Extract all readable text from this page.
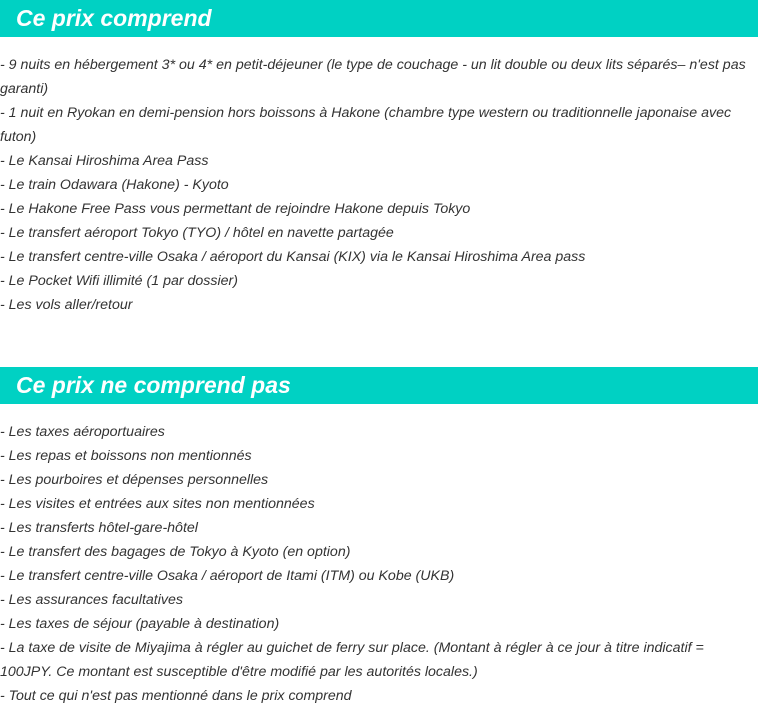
Ce prix comprend
- 9 nuits en hébergement 3* ou 4* en petit-déjeuner (le type de couchage - un lit double ou deux lits séparés– n'est pas garanti)
- 1 nuit en Ryokan en demi-pension hors boissons à Hakone (chambre type western ou traditionnelle japonaise avec futon)
- Le Kansai Hiroshima Area Pass
- Le train Odawara (Hakone) - Kyoto
- Le Hakone Free Pass vous permettant de rejoindre Hakone depuis Tokyo
- Le transfert aéroport Tokyo (TYO) / hôtel en navette partagée
- Le transfert centre-ville Osaka / aéroport du Kansai (KIX) via le Kansai Hiroshima Area pass
- Le Pocket Wifi illimité (1 par dossier)
- Les vols aller/retour
Ce prix ne comprend pas
- Les taxes aéroportuaires
- Les repas et boissons non mentionnés
- Les pourboires et dépenses personnelles
- Les visites et entrées aux sites non mentionnées
- Les transferts hôtel-gare-hôtel
- Le transfert des bagages de Tokyo à Kyoto (en option)
- Le transfert centre-ville Osaka / aéroport de Itami (ITM) ou Kobe (UKB)
- Les assurances facultatives
- Les taxes de séjour (payable à destination)
- La taxe de visite de Miyajima à régler au guichet de ferry sur place. (Montant à régler à ce jour à titre indicatif = 100JPY. Ce montant est susceptible d'être modifié par les autorités locales.)
- Tout ce qui n'est pas mentionné dans le prix comprend
